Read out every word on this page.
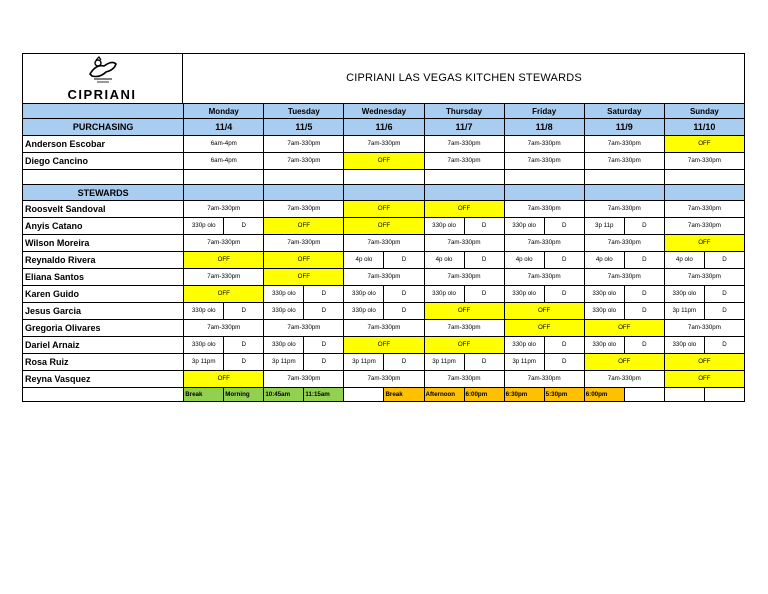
CIPRIANI
CIPRIANI LAS VEGAS KITCHEN STEWARDS
	Monday		Tuesday		Wednesday		Thursday		Friday		Saturday		Sunday	
PURCHASING	11/4		11/5		11/6		11/7		11/8		11/9		11/10	
Anderson Escobar	6am-4pm		7am-330pm		7am-330pm		7am-330pm		7am-330pm		7am-330pm		OFF	
Diego Cancino	6am-4pm		7am-330pm		OFF		7am-330pm		7am-330pm		7am-330pm		7am-330pm	

STEWARDS														
Roosvelt Sandoval	7am-330pm		7am-330pm		OFF		OFF		7am-330pm		7am-330pm		7am-330pm	
Anyis Catano	330p olo	D	OFF		OFF		330p olo	D	330p olo	D	3p 11p	D	7am-330pm	
Wilson Moreira	7am-330pm		7am-330pm		7am-330pm		7am-330pm		7am-330pm		7am-330pm		OFF	
Reynaldo Rivera	OFF		OFF		4p olo	D	4p olo	D	4p olo	D	4p olo	D	4p olo	D
Eliana Santos	7am-330pm		OFF		7am-330pm		7am-330pm		7am-330pm		7am-330pm		7am-330pm	
Karen Guido	OFF		330p olo	D	330p olo	D	330p olo	D	330p olo	D	330p olo	D	330p olo	D
Jesus Garcia	330p olo	D	330p olo	D	330p olo	D	OFF		OFF		330p olo	D	3p 11pm	D
Gregoria Olivares	7am-330pm		7am-330pm		7am-330pm		7am-330pm		OFF		OFF		7am-330pm	
Dariel Arnaiz	330p olo	D	330p olo	D	OFF		OFF		330p olo	D	330p olo	D	330p olo	D
Rosa Ruiz	3p 11pm	D	3p 11pm	D	3p 11pm	D	3p 11pm	D	3p 11pm	D	OFF		OFF	
Reyna Vasquez	OFF		7am-330pm		7am-330pm		7am-330pm		7am-330pm		7am-330pm		OFF	
	Break	Morning	10:45am	11:15am		Break	Afternoon	6:00pm	6:30pm	5:30pm	6:00pm			
